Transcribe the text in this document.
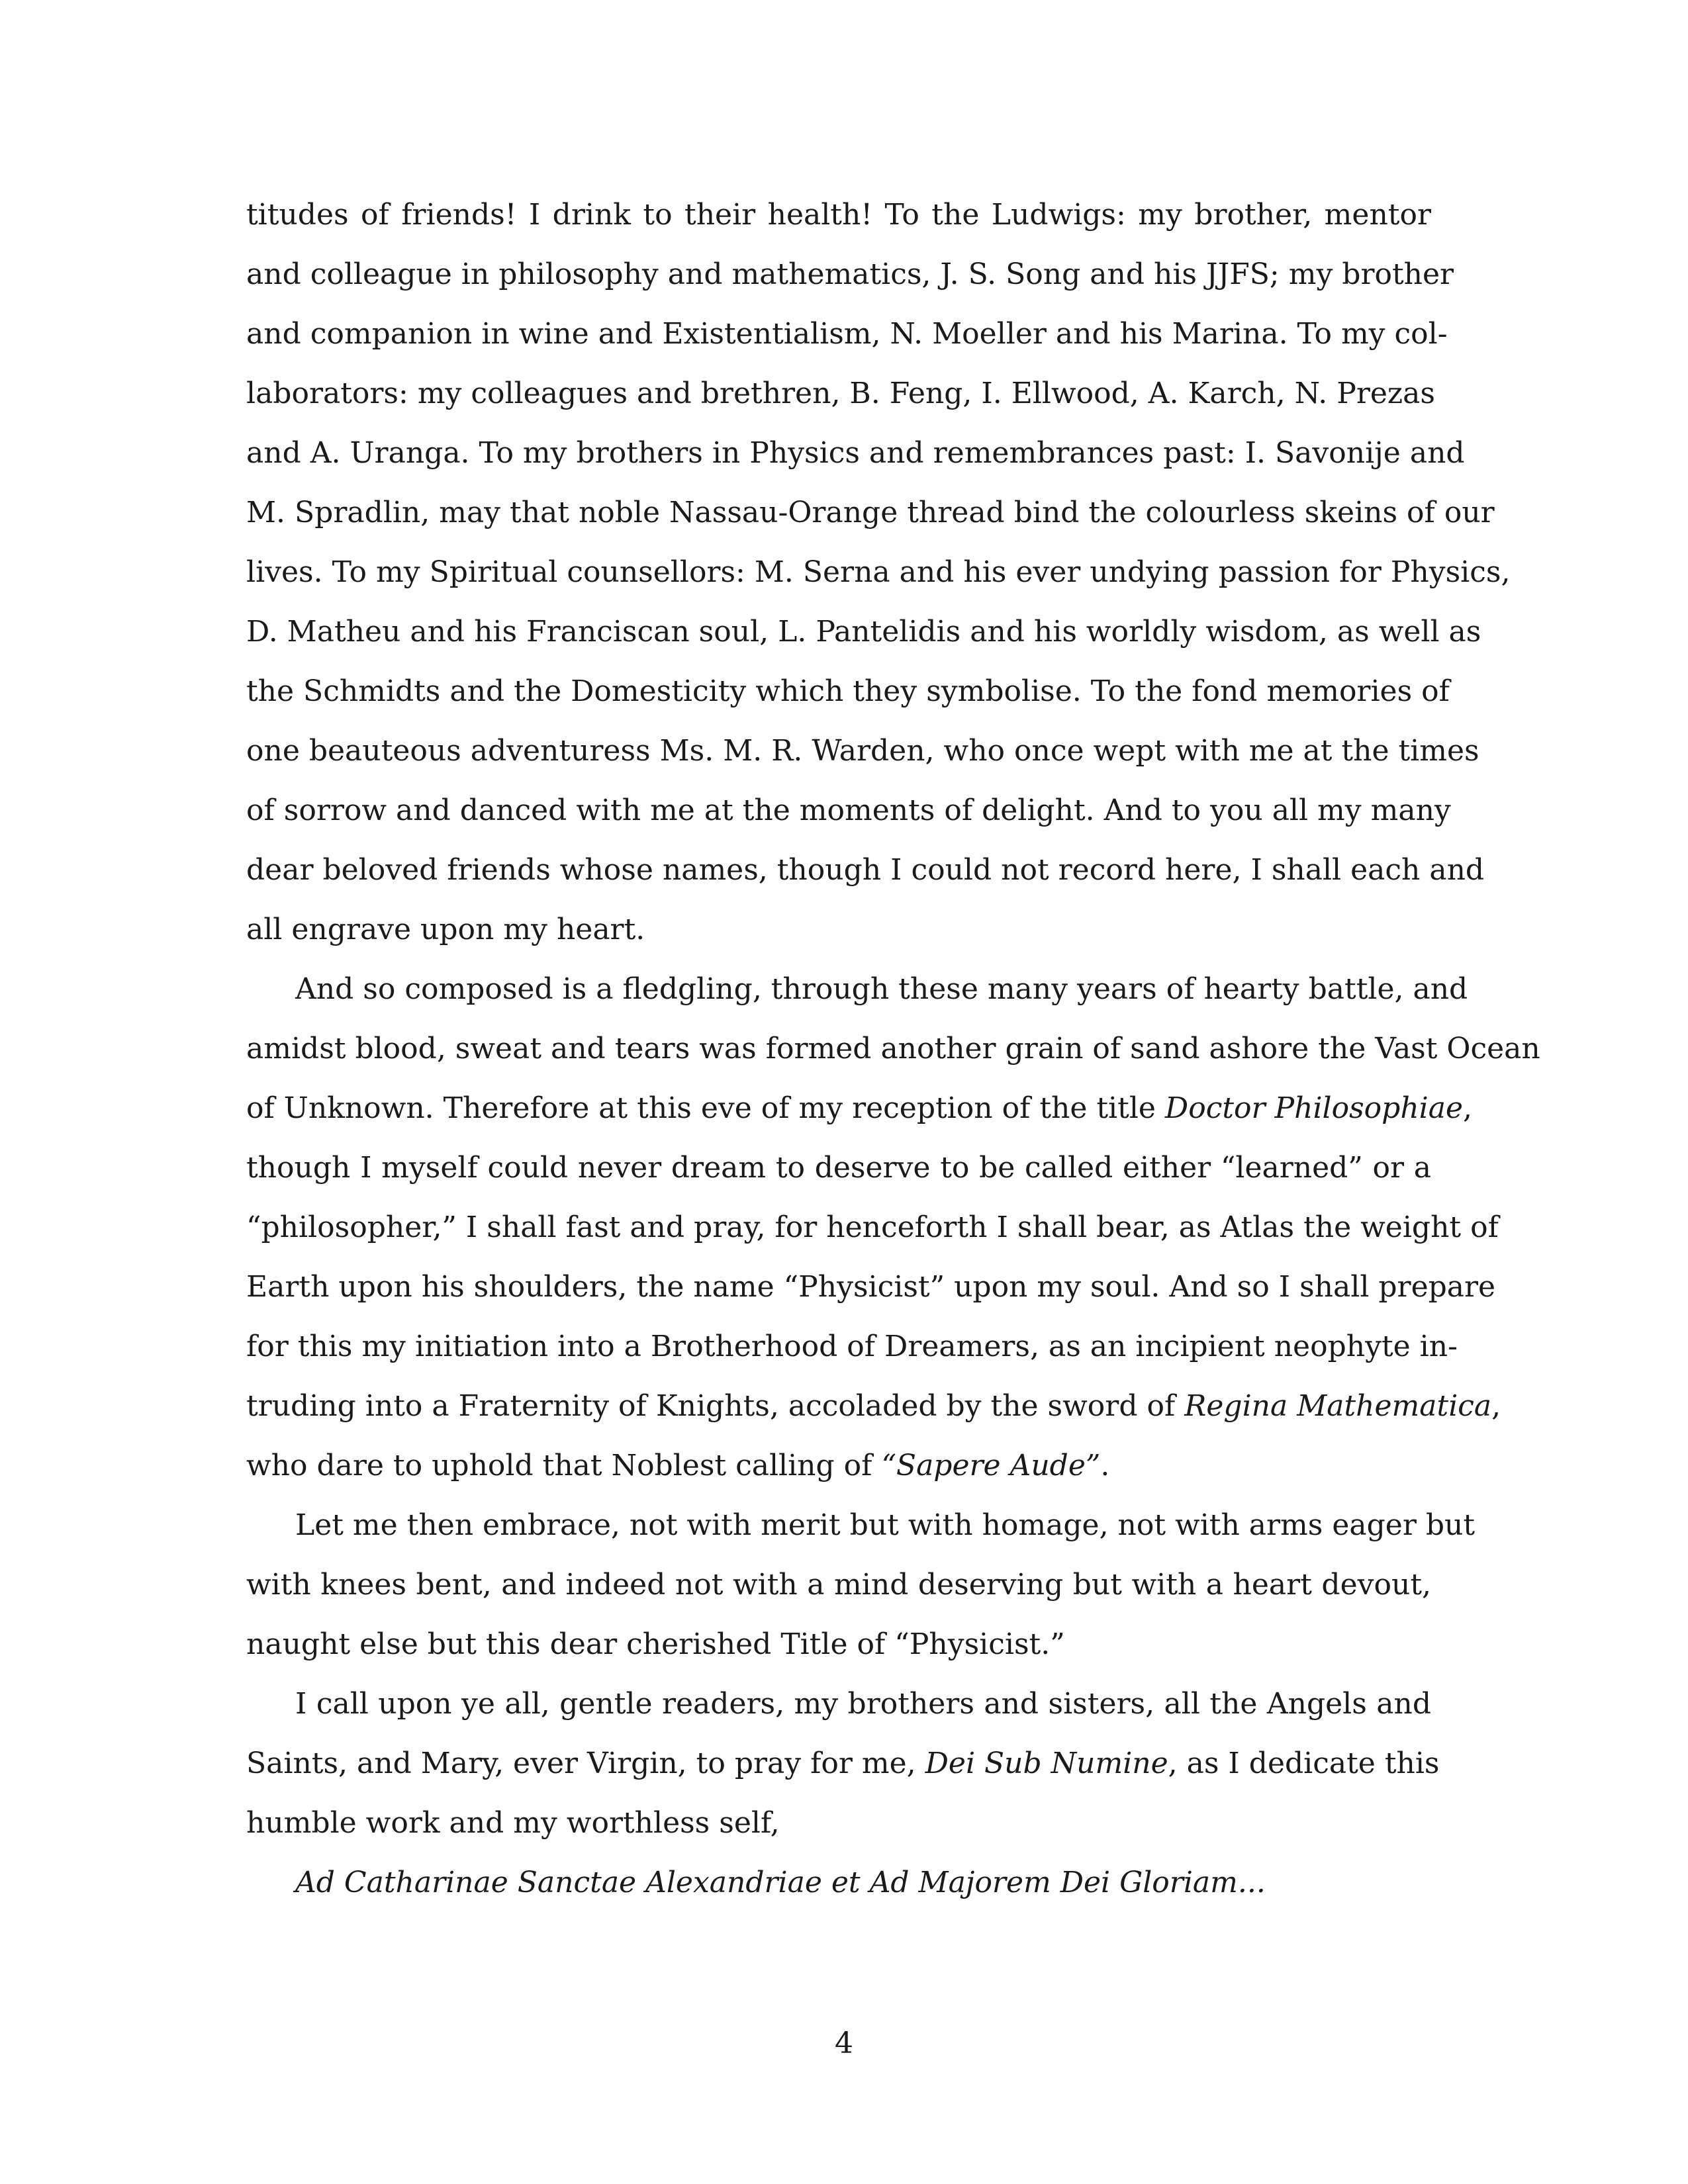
titudes of friends! I drink to their health! To the Ludwigs: my brother, mentor
and colleague in philosophy and mathematics, J. S. Song and his JJFS; my brother
and companion in wine and Existentialism, N. Moeller and his Marina. To my col-
laborators: my colleagues and brethren, B. Feng, I. Ellwood, A. Karch, N. Prezas
and A. Uranga. To my brothers in Physics and remembrances past: I. Savonije and
M. Spradlin, may that noble Nassau-Orange thread bind the colourless skeins of our
lives. To my Spiritual counsellors: M. Serna and his ever undying passion for Physics,
D. Matheu and his Franciscan soul, L. Pantelidis and his worldly wisdom, as well as
the Schmidts and the Domesticity which they symbolise. To the fond memories of
one beauteous adventuress Ms. M. R. Warden, who once wept with me at the times
of sorrow and danced with me at the moments of delight. And to you all my many
dear beloved friends whose names, though I could not record here, I shall each and
all engrave upon my heart.

And so composed is a fledgling, through these many years of hearty battle, and
amidst blood, sweat and tears was formed another grain of sand ashore the Vast Ocean
of Unknown. Therefore at this eve of my reception of the title Doctor Philosophiae,
though I myself could never dream to deserve to be called either “learned” or a
“philosopher,” I shall fast and pray, for henceforth I shall bear, as Atlas the weight of
Earth upon his shoulders, the name “Physicist” upon my soul. And so I shall prepare
for this my initiation into a Brotherhood of Dreamers, as an incipient neophyte in-
truding into a Fraternity of Knights, accoladed by the sword of Regina Mathematica,
who dare to uphold that Noblest calling of “Sapere Aude”.

Let me then embrace, not with merit but with homage, not with arms eager but
with knees bent, and indeed not with a mind deserving but with a heart devout,
naught else but this dear cherished Title of “Physicist.”

I call upon ye all, gentle readers, my brothers and sisters, all the Angels and
Saints, and Mary, ever Virgin, to pray for me, Dei Sub Numine, as I dedicate this
humble work and my worthless self,

Ad Catharinae Sanctae Alexandriae et Ad Majorem Dei Gloriam...

4
